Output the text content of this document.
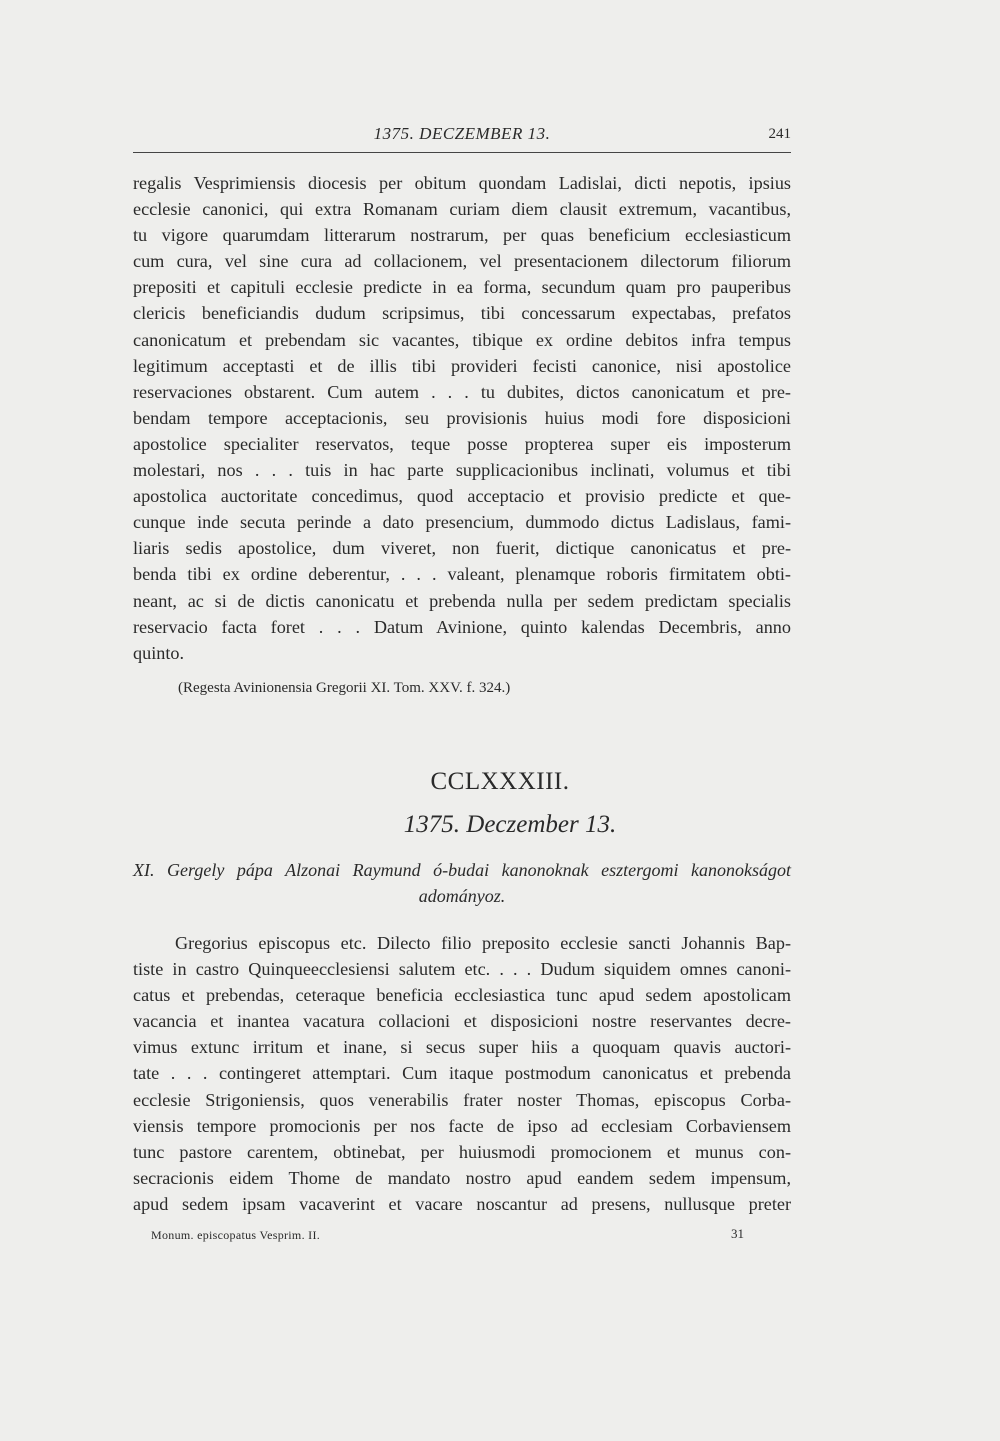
1375. DECZEMBER 13.	241
regalis Vesprimiensis diocesis per obitum quondam Ladislai, dicti nepotis, ipsius
ecclesie canonici, qui extra Romanam curiam diem clausit extremum, vacantibus,
tu vigore quarumdam litterarum nostrarum, per quas beneficium ecclesiasticum
cum cura, vel sine cura ad collacionem, vel presentacionem dilectorum filiorum
prepositi et capituli ecclesie predicte in ea forma, secundum quam pro pauperibus
clericis beneficiandis dudum scripsimus, tibi concessarum expectabas, prefatos
canonicatum et prebendam sic vacantes, tibique ex ordine debitos infra tempus
legitimum acceptasti et de illis tibi provideri fecisti canonice, nisi apostolice
reservaciones obstarent. Cum autem . . . tu dubites, dictos canonicatum et pre-
bendam tempore acceptacionis, seu provisionis huius modi fore disposicioni
apostolice specialiter reservatos, teque posse propterea super eis imposterum
molestari, nos . . . tuis in hac parte supplicacionibus inclinati, volumus et tibi
apostolica auctoritate concedimus, quod acceptacio et provisio predicte et que-
cunque inde secuta perinde a dato presencium, dummodo dictus Ladislaus, fami-
liaris sedis apostolice, dum viveret, non fuerit, dictique canonicatus et pre-
benda tibi ex ordine deberentur, . . . valeant, plenamque roboris firmitatem obti-
neant, ac si de dictis canonicatu et prebenda nulla per sedem predictam specialis
reservacio facta foret . . . Datum Avinione, quinto kalendas Decembris, anno
quinto.
(Regesta Avinionensia Gregorii XI. Tom. XXV. f. 324.)
CCLXXXIII.
1375. Deczember 13.
XI. Gergely pápa Alzonai Raymund ó-budai kanonoknak esztergomi kanonokságot
adományoz.
Gregorius episcopus etc. Dilecto filio preposito ecclesie sancti Johannis Bap-
tiste in castro Quinqueecclesiensi salutem etc. . . . Dudum siquidem omnes canoni-
catus et prebendas, ceteraque beneficia ecclesiastica tunc apud sedem apostolicam
vacancia et inantea vacatura collacioni et disposicioni nostre reservantes decre-
vimus extunc irritum et inane, si secus super hiis a quoquam quavis auctori-
tate . . . contingeret attemptari. Cum itaque postmodum canonicatus et prebenda
ecclesie Strigoniensis, quos venerabilis frater noster Thomas, episcopus Corba-
viensis tempore promocionis per nos facte de ipso ad ecclesiam Corbaviensem
tunc pastore carentem, obtinebat, per huiusmodi promocionem et munus con-
secracionis eidem Thome de mandato nostro apud eandem sedem impensum,
apud sedem ipsam vacaverint et vacare noscantur ad presens, nullusque preter
Monum. episcopatus Vesprim. II.	31
